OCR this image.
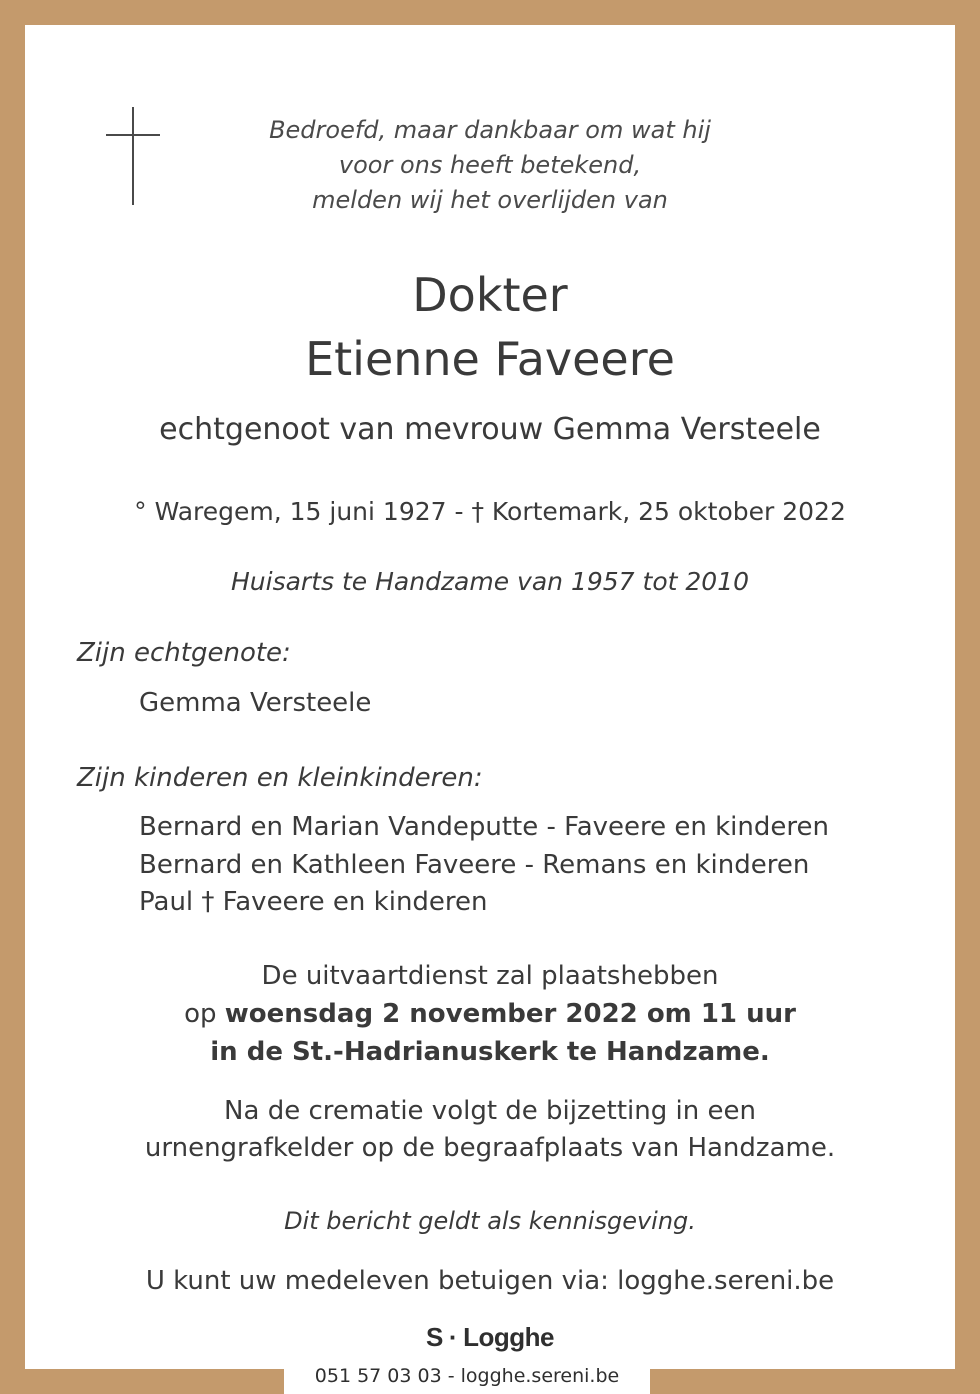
Bedroefd, maar dankbaar om wat hij
voor ons heeft betekend,
melden wij het overlijden van
Dokter
Etienne Faveere
echtgenoot van mevrouw Gemma Versteele
° Waregem, 15 juni 1927 - † Kortemark, 25 oktober 2022
Huisarts te Handzame van 1957 tot 2010
Zijn echtgenote:
Gemma Versteele
Zijn kinderen en kleinkinderen:
Bernard en Marian Vandeputte - Faveere en kinderen
Bernard en Kathleen Faveere - Remans en kinderen
Paul † Faveere en kinderen
De uitvaartdienst zal plaatshebben
op woensdag 2 november 2022 om 11 uur
in de St.-Hadrianuskerk te Handzame.
Na de crematie volgt de bijzetting in een
urnengrafkelder op de begraafplaats van Handzame.
Dit bericht geldt als kennisgeving.
U kunt uw medeleven betuigen via: logghe.sereni.be
S · Logghe
051 57 03 03 - logghe.sereni.be
